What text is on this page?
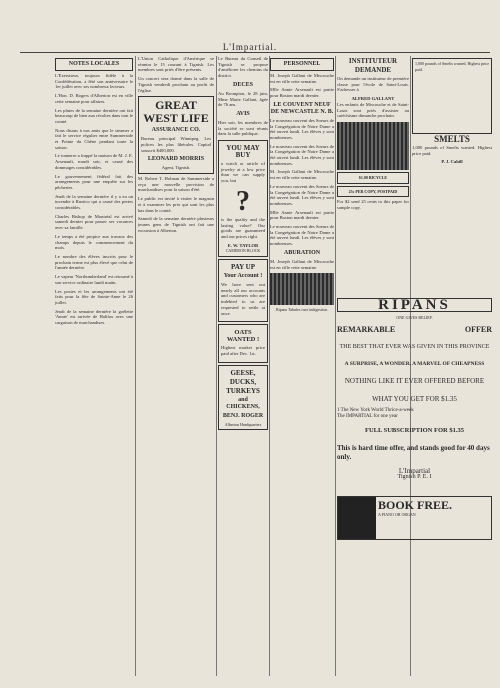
L'Impartial.
NOTES LOCALES

L'Exersiseur, toujours fidèle à la Confédération, a fêté son anniversaire le 1er juillet avec ses nombreux lecteurs.

L'Hon. D. Rogers d'Alberton est en ville cette semaine pour affaires.

Les pluies de la semaine dernière ont fait beaucoup de bien aux récoltes dans tout le comté.

Nous disons à nos amis que le steamer a fait le service régulier entre Summerside et Pointe du Chêne pendant toute la saison.

Le tonnerre a frappé la maison de M. J. E. Arsenault, mardi soir, et causé des dommages considérables.

Le gouvernement fédéral fait des arrangements pour une enquête sur les pêcheries.

Jeudi de la semaine dernière il y a eu un incendie à Rustico qui a causé des pertes considérables.

Charles Bishop de Montréal est arrivé samedi dernier pour passer ses vacances avec sa famille.

Le temps a été propice aux travaux des champs depuis le commencement du mois.

Le nombre des élèves inscrits pour le prochain terme est plus élevé que celui de l'année dernière.

Le vapeur 'Northumberland' est retourné à son service ordinaire lundi matin.

Les postes et les arrangements ont été faits pour la fête de Sainte-Anne le 26 juillet.

Jeudi de la semaine dernière la goélette 'Annie' est arrivée de Halifax avec une cargaison de marchandises.

L'Union Catholique d'Amérique se réunira le 15 courant à Tignish. Les membres sont priés d'être présents.

Un concert sera donné dans la salle de Tignish vendredi prochain au profit de l'église.

GREAT WEST LIFE
ASSURANCE CO.

Bureau principal Winnipeg. Les polices les plus libérales. Capital souscrit $400,000.

LEONARD MORRIS
Agent, Tignish.

M. Robert T. Holman de Summerside a reçu une nouvelle provision de marchandises pour la saison d'été.

Le public est invité à visiter le magasin et à examiner les prix qui sont les plus bas dans le comté.

Samedi de la semaine dernière plusieurs jeunes gens de Tignish ont fait une excursion à Alberton.

Le Bureau du Conseil de Tignish se propose d'améliorer les chemins du district.

DECES

Au Brompton, le 28 juin, Mme Marie Gallant, âgée de 76 ans.

AVIS

Hier soir, les membres de la société se sont réunis dans la salle publique.

YOU MAY BUY

a watch or article of jewelry at a low price than we can supply you, but

?

is the quality and the lasting value? Our goods are guaranteed and our prices right.

E. W. TAYLOR
CAMERON BLOCK
PAY UP
Your Account !

We have sent out nearly all our accounts and customers who are indebted to us are requested to settle at once.

OATS WANTED !

Highest market price paid after Dec. 1st.

GEESE,
DUCKS,
TURKEYS
and CHICKENS,
BENJ. ROGER
Alberton Headquarters
PERSONNEL

M. Joseph Gallant de Miscouche est en ville cette semaine.

Mlle Annie Arsenault est partie pour Boston mardi dernier.

LE COUVENT NEUF DE NEWCASTLE N. B.

Le nouveau couvent des Soeurs de la Congrégation de Notre Dame a été ouvert lundi. Les élèves y sont nombreuses.

Le nouveau couvent des Soeurs de la Congrégation de Notre Dame a été ouvert lundi. Les élèves y sont nombreuses.

M. Joseph Gallant de Miscouche est en ville cette semaine.

Le nouveau couvent des Soeurs de la Congrégation de Notre Dame a été ouvert lundi. Les élèves y sont nombreuses.

Mlle Annie Arsenault est partie pour Boston mardi dernier.

Le nouveau couvent des Soeurs de la Congrégation de Notre Dame a été ouvert lundi. Les élèves y sont nombreuses.

ABURATION

M. Joseph Gallant de Miscouche est en ville cette semaine.

Ripans Tabules cure indigestion.
INSTITUTEUR
DEMANDE

On demande un instituteur de première classe pour l'école de Saint-Louis. S'adresser à

ALFRED GALLANT

Les enfants de Miscouche et de Saint-Louis sont priés d'assister au catéchisme dimanche prochain.

$1.00 BICYCLE
25c PER COPY, POSTPAID

For $2 send 25 cents to this paper for sample copy.

1,000 pounds of Smelts wanted. Highest price paid.

SMELTS

1,000 pounds of Smelts wanted. Highest price paid.

P. J. Cahill
RIPANS
ONE GIVES RELIEF.
REMARKABLE	OFFER
THE BEST THAT EVER WAS GIVEN IN THIS PROVINCE
A SURPRISE, A WONDER, A MARVEL OF CHEAPNESS
NOTHING LIKE IT EVER OFFERED BEFORE
WHAT YOU GET FOR $1.35
1 The New York World Thrice-a-week
The IMPARTIAL for one year
FULL SUBSCRIPTION FOR $1.35
This is hard time offer, and stands good for 40 days only.
L'Impartial
Tignish P. E. I
BOOK FREE.
A PIANO OR ORGAN
